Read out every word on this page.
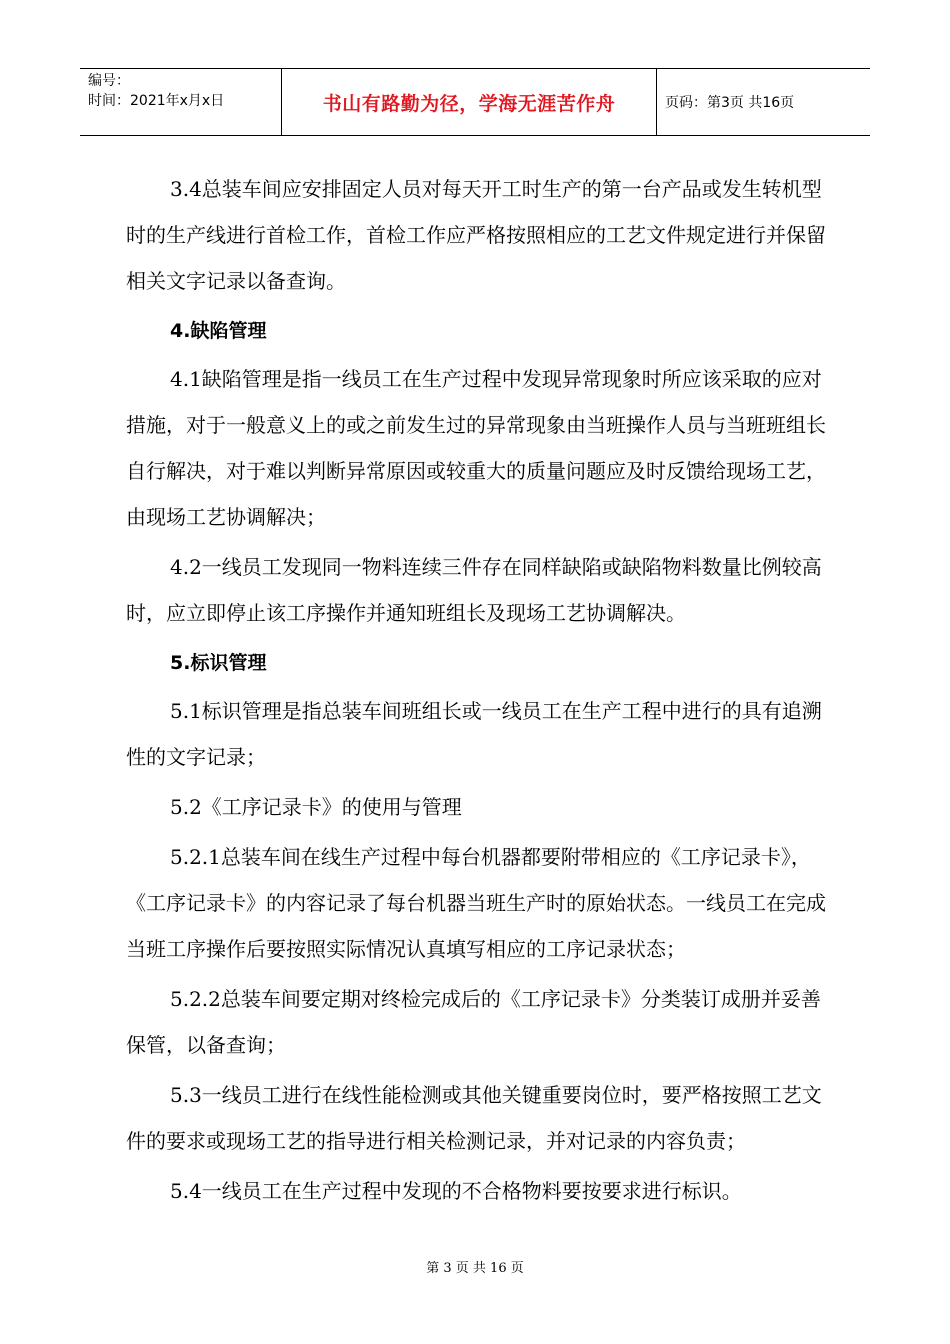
编号：
时间：2021年x月x日	书山有路勤为径，学海无涯苦作舟	页码：第3页 共16页

3.4总装车间应安排固定人员对每天开工时生产的第一台产品或发生转机型时的生产线进行首检工作，首检工作应严格按照相应的工艺文件规定进行并保留相关文字记录以备查询。

4.缺陷管理

4.1缺陷管理是指一线员工在生产过程中发现异常现象时所应该采取的应对措施，对于一般意义上的或之前发生过的异常现象由当班操作人员与当班班组长自行解决，对于难以判断异常原因或较重大的质量问题应及时反馈给现场工艺，由现场工艺协调解决；

4.2一线员工发现同一物料连续三件存在同样缺陷或缺陷物料数量比例较高时，应立即停止该工序操作并通知班组长及现场工艺协调解决。

5.标识管理

5.1标识管理是指总装车间班组长或一线员工在生产工程中进行的具有追溯性的文字记录；

5.2《工序记录卡》的使用与管理

5.2.1总装车间在线生产过程中每台机器都要附带相应的《工序记录卡》，《工序记录卡》的内容记录了每台机器当班生产时的原始状态。一线员工在完成当班工序操作后要按照实际情况认真填写相应的工序记录状态；

5.2.2总装车间要定期对终检完成后的《工序记录卡》分类装订成册并妥善保管，以备查询；

5.3一线员工进行在线性能检测或其他关键重要岗位时，要严格按照工艺文件的要求或现场工艺的指导进行相关检测记录，并对记录的内容负责；

5.4一线员工在生产过程中发现的不合格物料要按要求进行标识。

第 3 页 共 16 页
